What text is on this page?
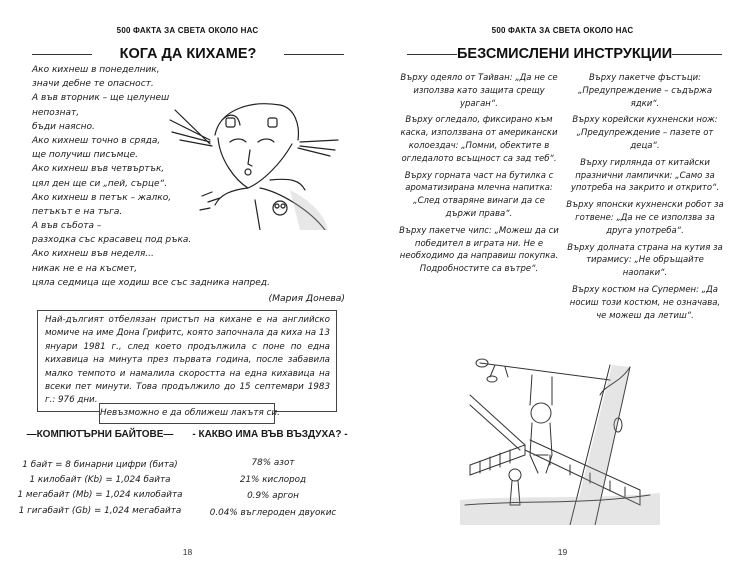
500 ФАКТА ЗА СВЕТА ОКОЛО НАС
КОГА ДА КИХАМЕ?
Ако кихнеш в понеделник,
значи дебне те опасност.
А във вторник – ще целунеш
непознат,
бъди наясно.
Ако кихнеш точно в сряда,
ще получиш писъмце.
Ако кихнеш във четвъртък,
цял ден ще си „пей, сърце“.
Ако кихнеш в петък – жалко,
петъкът е на тъга.
А във събота –
разходка със красавец под ръка.
Ако кихнеш във неделя...
никак не е на късмет,
цяла седмица ще ходиш все със задника напред.
(Мария Донева)
Най-дългият отбелязан пристъп на кихане е на английско момиче на име Дона Грифитс, която започнала да киха на 13 януари 1981 г., след което продължила с поне по една кихавица на минута през първата година, после забавила малко темпото и намалила скоростта на една кихавица на всеки пет минути. Това продължило до 15 септември 1983 г.: 976 дни.
Невъзможно е да оближеш лакътя си.
—КОМПЮТЪРНИ БАЙТОВЕ—	- КАКВО ИМА ВЪВ ВЪЗДУХА? -
1 байт = 8 бинарни цифри (бита)
1 килобайт (Kb) = 1,024 байта
1 мегабайт (Mb) = 1,024 килобайта
1 гигабайт (Gb) = 1,024 мегабайта
78% азот
21% кислород
0.9% аргон
0.04% въглероден двуокис
18
500 ФАКТА ЗА СВЕТА ОКОЛО НАС
БЕЗСМИСЛЕНИ ИНСТРУКЦИИ
Върху одеяло от Тайван: „Да не се използва като защита срещу ураган“.
Върху огледало, фиксирано към каска, използвана от американски колоездач: „Помни, обектите в огледалото всъщност са зад теб“.
Върху горната част на бутилка с ароматизирана млечна напитка: „След отваряне винаги да се държи права“.
Върху пакетче чипс: „Можеш да си победител в играта ни. Не е необходимо да направиш покупка. Подробностите са вътре“.
Върху пакетче фъстъци: „Предупреждение – съдържа ядки“.
Върху корейски кухненски нож: „Предупреждение – пазете от деца“.
Върху гирлянда от китайски празнични лампички: „Само за употреба на закрито и открито“.
Върху японски кухненски робот за готвене: „Да не се използва за друга употреба“.
Върху долната страна на кутия за тирамису: „Не обръщайте наопаки“.
Върху костюм на Супермен: „Да носиш този костюм, не означава, че можеш да летиш“.
19
